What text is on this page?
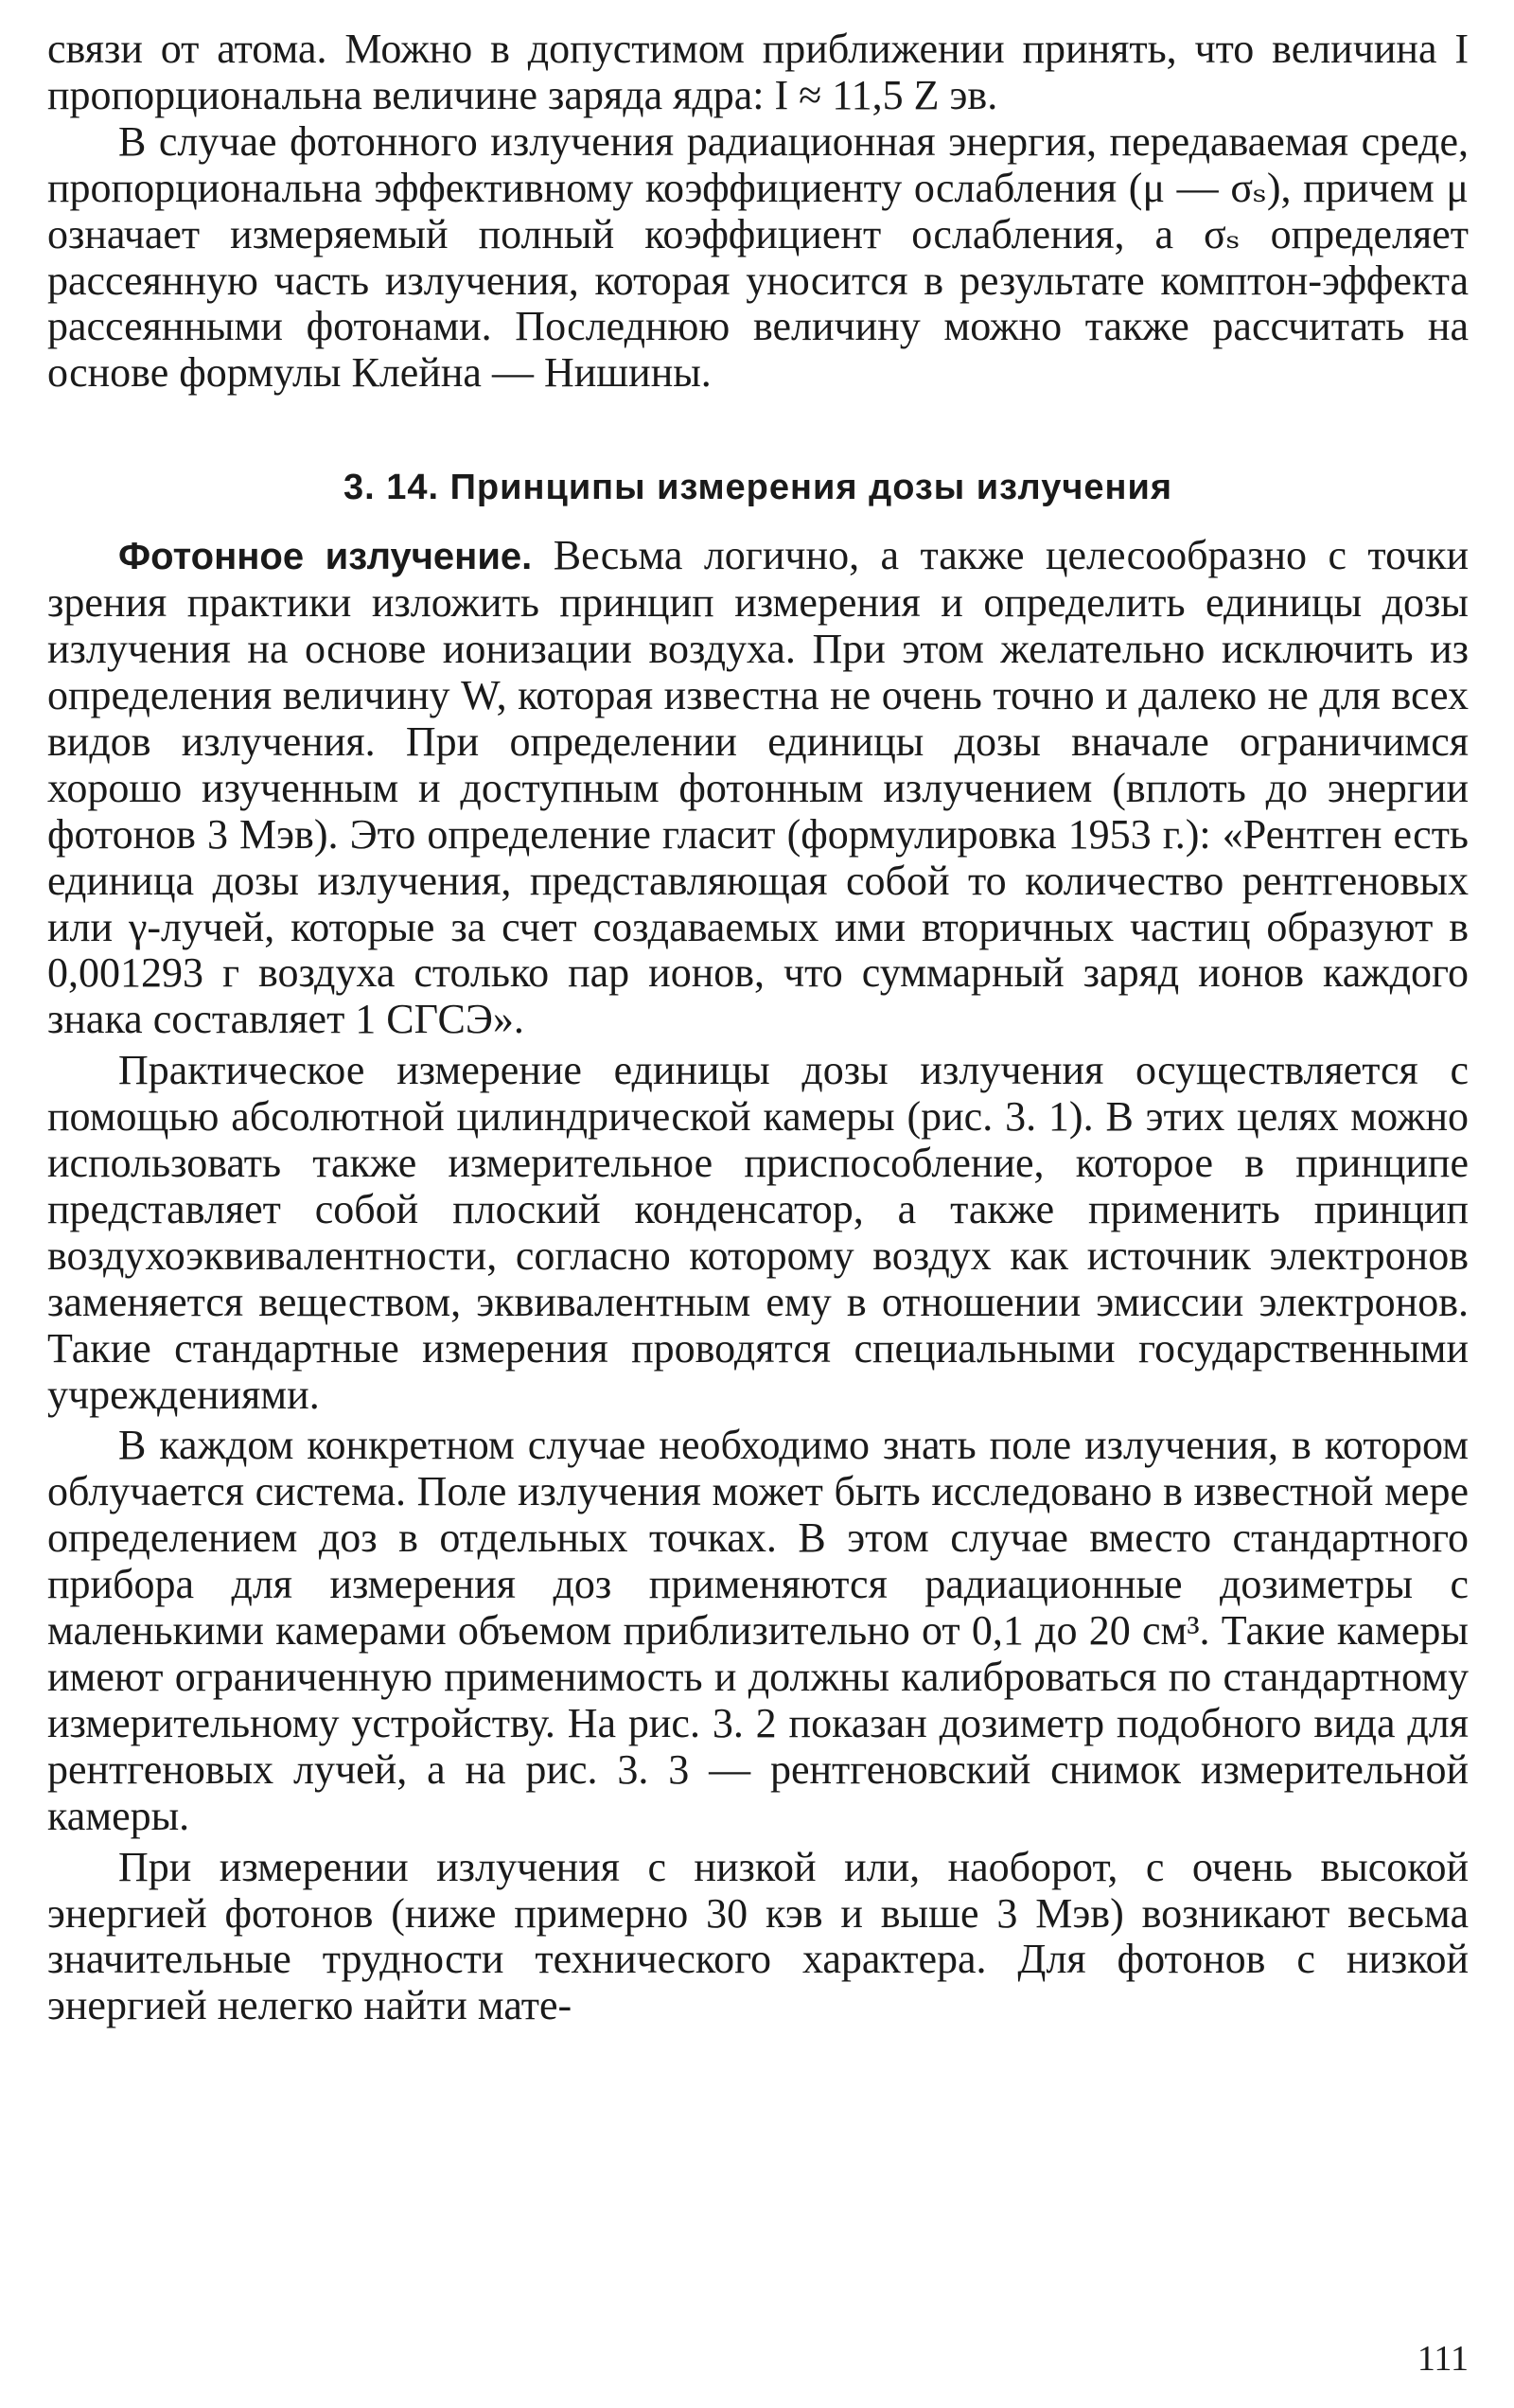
связи от атома. Можно в допустимом приближении принять, что величина I пропорциональна величине заряда ядра: I ≈ 11,5 Z эв.

В случае фотонного излучения радиационная энергия, передаваемая среде, пропорциональна эффективному коэффициенту ослабления (μ — σₛ), причем μ означает измеряемый полный коэффициент ослабления, а σₛ определяет рассеянную часть излучения, которая уносится в результате комптон-эффекта рассеянными фотонами. Последнюю величину можно также рассчитать на основе формулы Клейна — Нишины.

3. 14. Принципы измерения дозы излучения

Фотонное излучение. Весьма логично, а также целесообразно с точки зрения практики изложить принцип измерения и определить единицы дозы излучения на основе ионизации воздуха. При этом желательно исключить из определения величину W, которая известна не очень точно и далеко не для всех видов излучения. При определении единицы дозы вначале ограничимся хорошо изученным и доступным фотонным излучением (вплоть до энергии фотонов 3 Мэв). Это определение гласит (формулировка 1953 г.): «Рентген есть единица дозы излучения, представляющая собой то количество рентгеновых или γ-лучей, которые за счет создаваемых ими вторичных частиц образуют в 0,001293 г воздуха столько пар ионов, что суммарный заряд ионов каждого знака составляет 1 СГСЭ».

Практическое измерение единицы дозы излучения осуществляется с помощью абсолютной цилиндрической камеры (рис. 3. 1). В этих целях можно использовать также измерительное приспособление, которое в принципе представляет собой плоский конденсатор, а также применить принцип воздухоэквивалентности, согласно которому воздух как источник электронов заменяется веществом, эквивалентным ему в отношении эмиссии электронов. Такие стандартные измерения проводятся специальными государственными учреждениями.

В каждом конкретном случае необходимо знать поле излучения, в котором облучается система. Поле излучения может быть исследовано в известной мере определением доз в отдельных точках. В этом случае вместо стандартного прибора для измерения доз применяются радиационные дозиметры с маленькими камерами объемом приблизительно от 0,1 до 20 см³. Такие камеры имеют ограниченную применимость и должны калиброваться по стандартному измерительному устройству. На рис. 3. 2 показан дозиметр подобного вида для рентгеновых лучей, а на рис. 3. 3 — рентгеновский снимок измерительной камеры.

При измерении излучения с низкой или, наоборот, с очень высокой энергией фотонов (ниже примерно 30 кэв и выше 3 Мэв) возникают весьма значительные трудности технического характера. Для фотонов с низкой энергией нелегко найти мате-

111
